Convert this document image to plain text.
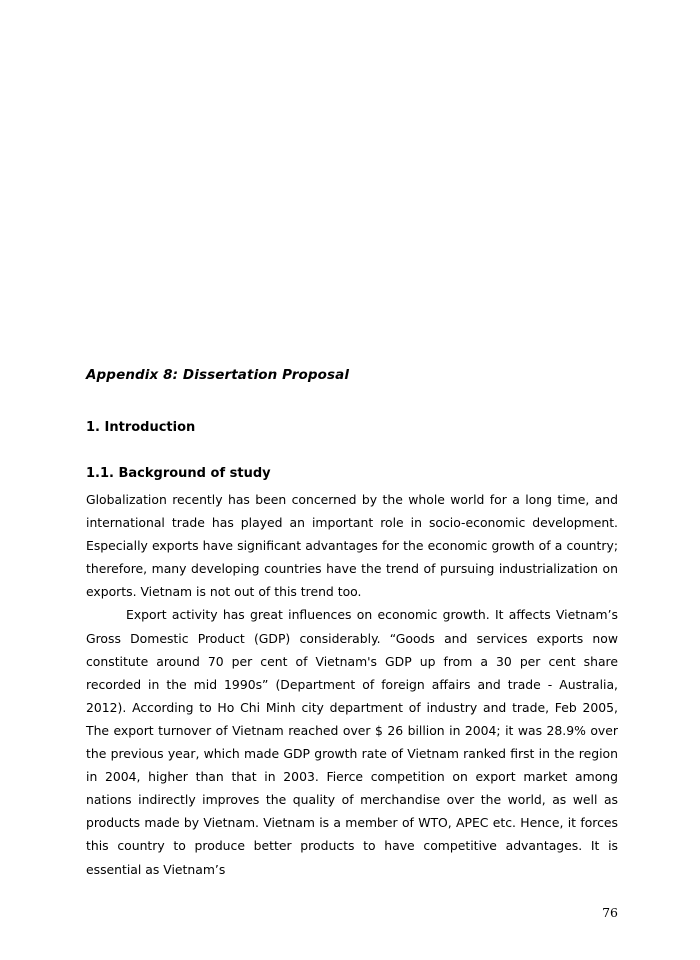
Appendix 8: Dissertation Proposal
1. Introduction
1.1. Background of study

Globalization recently has been concerned by the whole world for a long time, and international trade has played an important role in socio-economic development. Especially exports have significant advantages for the economic growth of a country; therefore, many developing countries have the trend of pursuing industrialization on exports. Vietnam is not out of this trend too.

Export activity has great influences on economic growth. It affects Vietnam’s Gross Domestic Product (GDP) considerably. “Goods and services exports now constitute around 70 per cent of Vietnam's GDP up from a 30 per cent share recorded in the mid 1990s” (Department of foreign affairs and trade - Australia, 2012). According to Ho Chi Minh city department of industry and trade, Feb 2005, The export turnover of Vietnam reached over $ 26 billion in 2004; it was 28.9% over the previous year, which made GDP growth rate of Vietnam ranked first in the region in 2004, higher than that in 2003. Fierce competition on export market among nations indirectly improves the quality of merchandise over the world, as well as products made by Vietnam. Vietnam is a member of WTO, APEC etc. Hence, it forces this country to produce better products to have competitive advantages. It is essential as Vietnam’s

76
